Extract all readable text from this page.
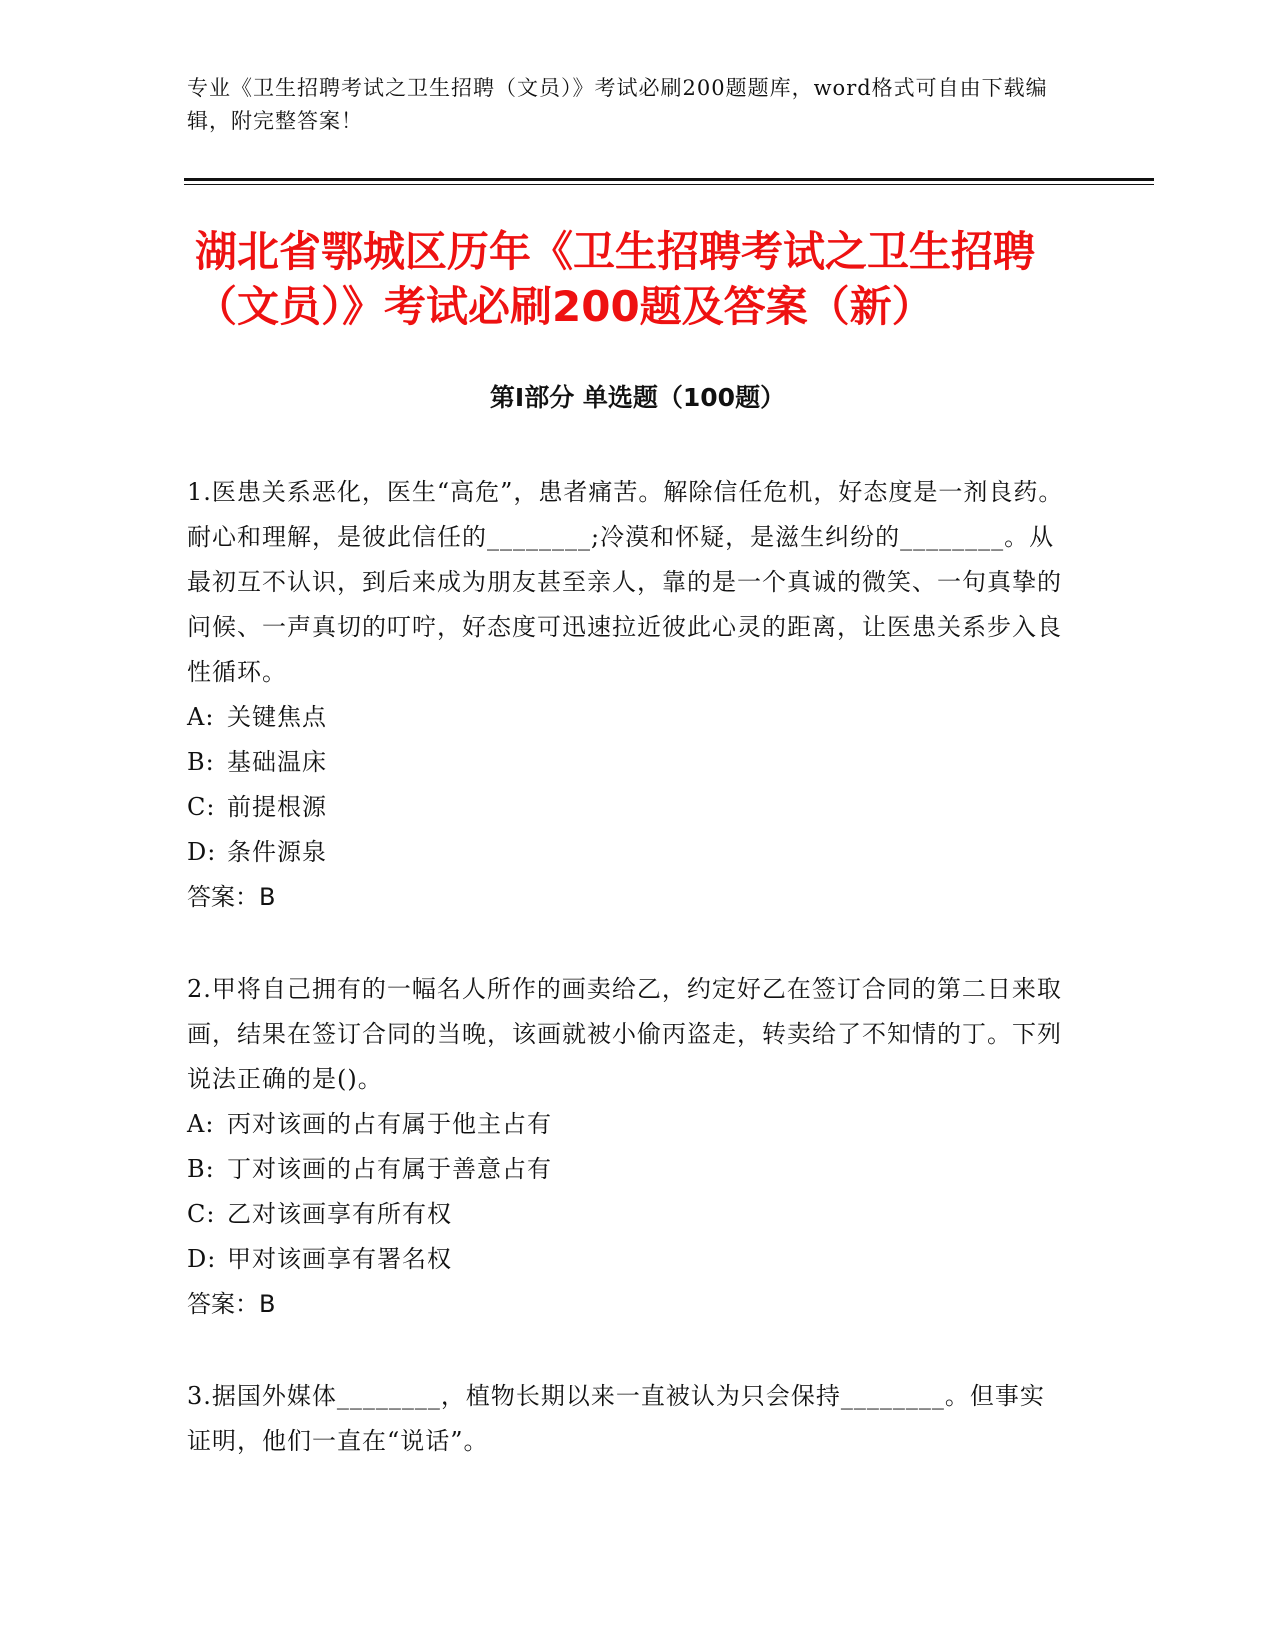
专业《卫生招聘考试之卫生招聘（文员）》考试必刷200题题库，word格式可自由下载编辑，附完整答案！

湖北省鄂城区历年《卫生招聘考试之卫生招聘（文员）》考试必刷200题及答案（新）
第Ⅰ部分 单选题（100题）

1.医患关系恶化，医生“高危”，患者痛苦。解除信任危机，好态度是一剂良药。耐心和理解，是彼此信任的________;冷漠和怀疑，是滋生纠纷的________。从最初互不认识，到后来成为朋友甚至亲人，靠的是一个真诚的微笑、一句真挚的问候、一声真切的叮咛，好态度可迅速拉近彼此心灵的距离，让医患关系步入良性循环。

A: 关键焦点
B: 基础温床
C: 前提根源
D: 条件源泉

答案：B

2.甲将自己拥有的一幅名人所作的画卖给乙，约定好乙在签订合同的第二日来取画，结果在签订合同的当晚，该画就被小偷丙盗走，转卖给了不知情的丁。下列说法正确的是()。

A: 丙对该画的占有属于他主占有
B: 丁对该画的占有属于善意占有
C: 乙对该画享有所有权
D: 甲对该画享有署名权

答案：B

3.据国外媒体________，植物长期以来一直被认为只会保持________。但事实证明，他们一直在“说话”。
